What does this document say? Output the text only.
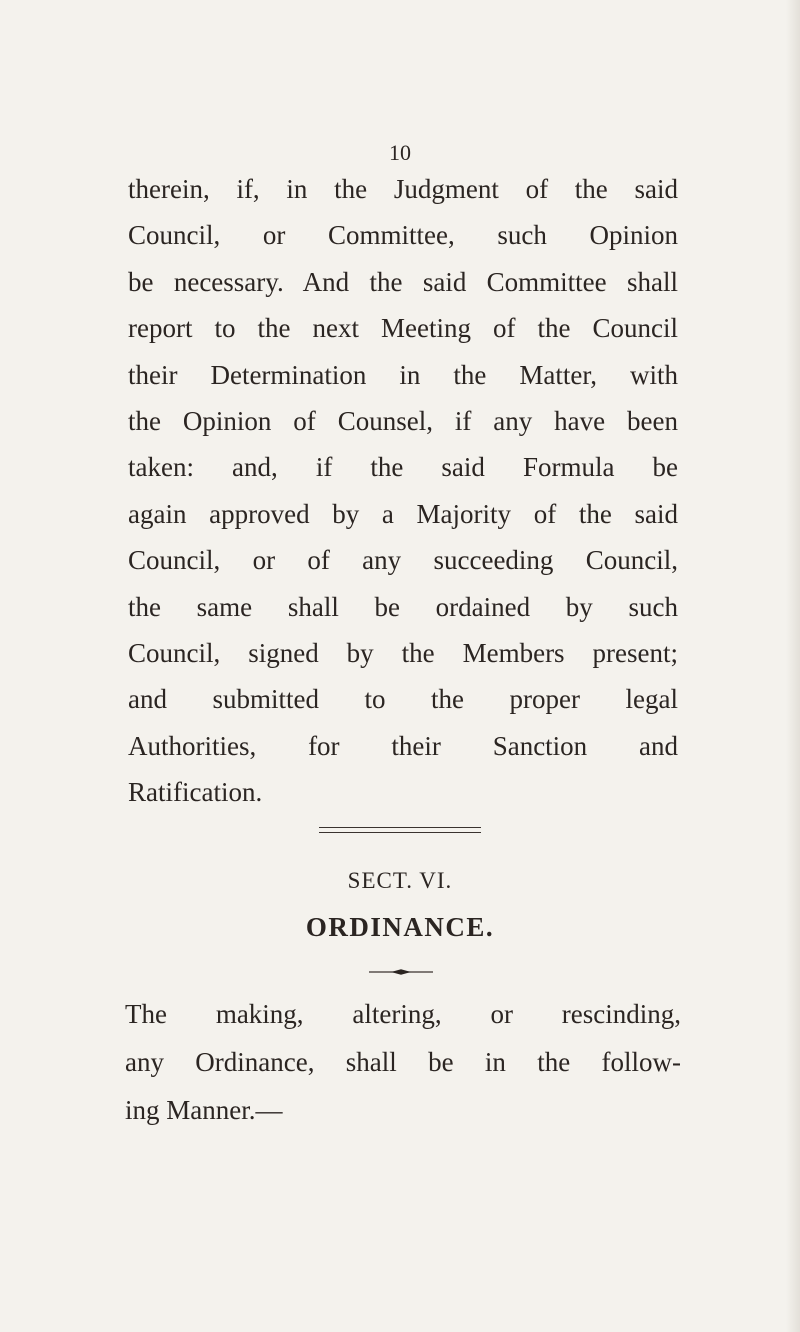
10
therein, if, in the Judgment of the said
Council, or Committee, such Opinion
be necessary. And the said Committee shall
report to the next Meeting of the Council
their Determination in the Matter, with
the Opinion of Counsel, if any have been
taken: and, if the said Formula be
again approved by a Majority of the said
Council, or of any succeeding Council,
the same shall be ordained by such
Council, signed by the Members present;
and submitted to the proper legal
Authorities, for their Sanction and
Ratification.
SECT. VI.
ORDINANCE.
The making, altering, or rescinding,
any Ordinance, shall be in the follow-
ing Manner.—
